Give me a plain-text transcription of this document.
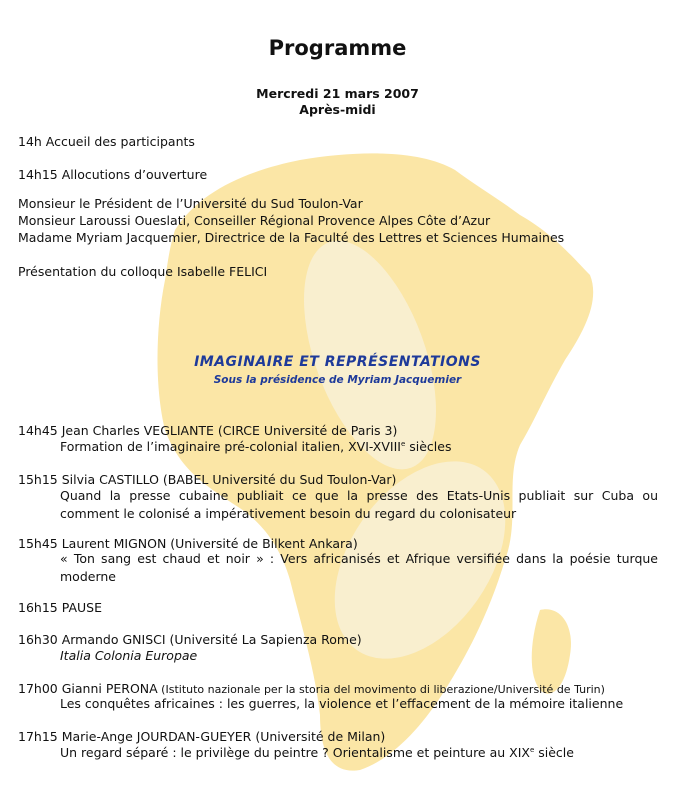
Programme
Mercredi 21 mars 2007
Après-midi
14h Accueil des participants
14h15 Allocutions d’ouverture
Monsieur le Président de l’Université du Sud Toulon-Var
Monsieur Laroussi Oueslati, Conseiller Régional Provence Alpes Côte d’Azur
Madame Myriam Jacquemier, Directrice de la Faculté des Lettres et Sciences Humaines
Présentation du colloque Isabelle FELICI
IMAGINAIRE ET REPRÉSENTATIONS
Sous la présidence de Myriam Jacquemier
14h45 Jean Charles VEGLIANTE (CIRCE Université de Paris 3)
Formation de l’imaginaire pré-colonial italien, XVI-XVIIIe siècles
15h15 Silvia CASTILLO (BABEL Université du Sud Toulon-Var)
Quand la presse cubaine publiait ce que la presse des Etats-Unis publiait sur Cuba ou comment le colonisé a impérativement besoin du regard du colonisateur
15h45 Laurent MIGNON (Université de Bilkent Ankara)
« Ton sang est chaud et noir » : Vers africanisés et Afrique versifiée dans la poésie turque moderne
16h15 PAUSE
16h30 Armando GNISCI (Université La Sapienza Rome)
Italia Colonia Europae
17h00 Gianni PERONA (Istituto nazionale per la storia del movimento di liberazione/Université de Turin)
Les conquêtes africaines : les guerres, la violence et l’effacement de la mémoire italienne
17h15 Marie-Ange JOURDAN-GUEYER (Université de Milan)
Un regard séparé : le privilège du peintre ? Orientalisme et peinture au XIXe siècle
